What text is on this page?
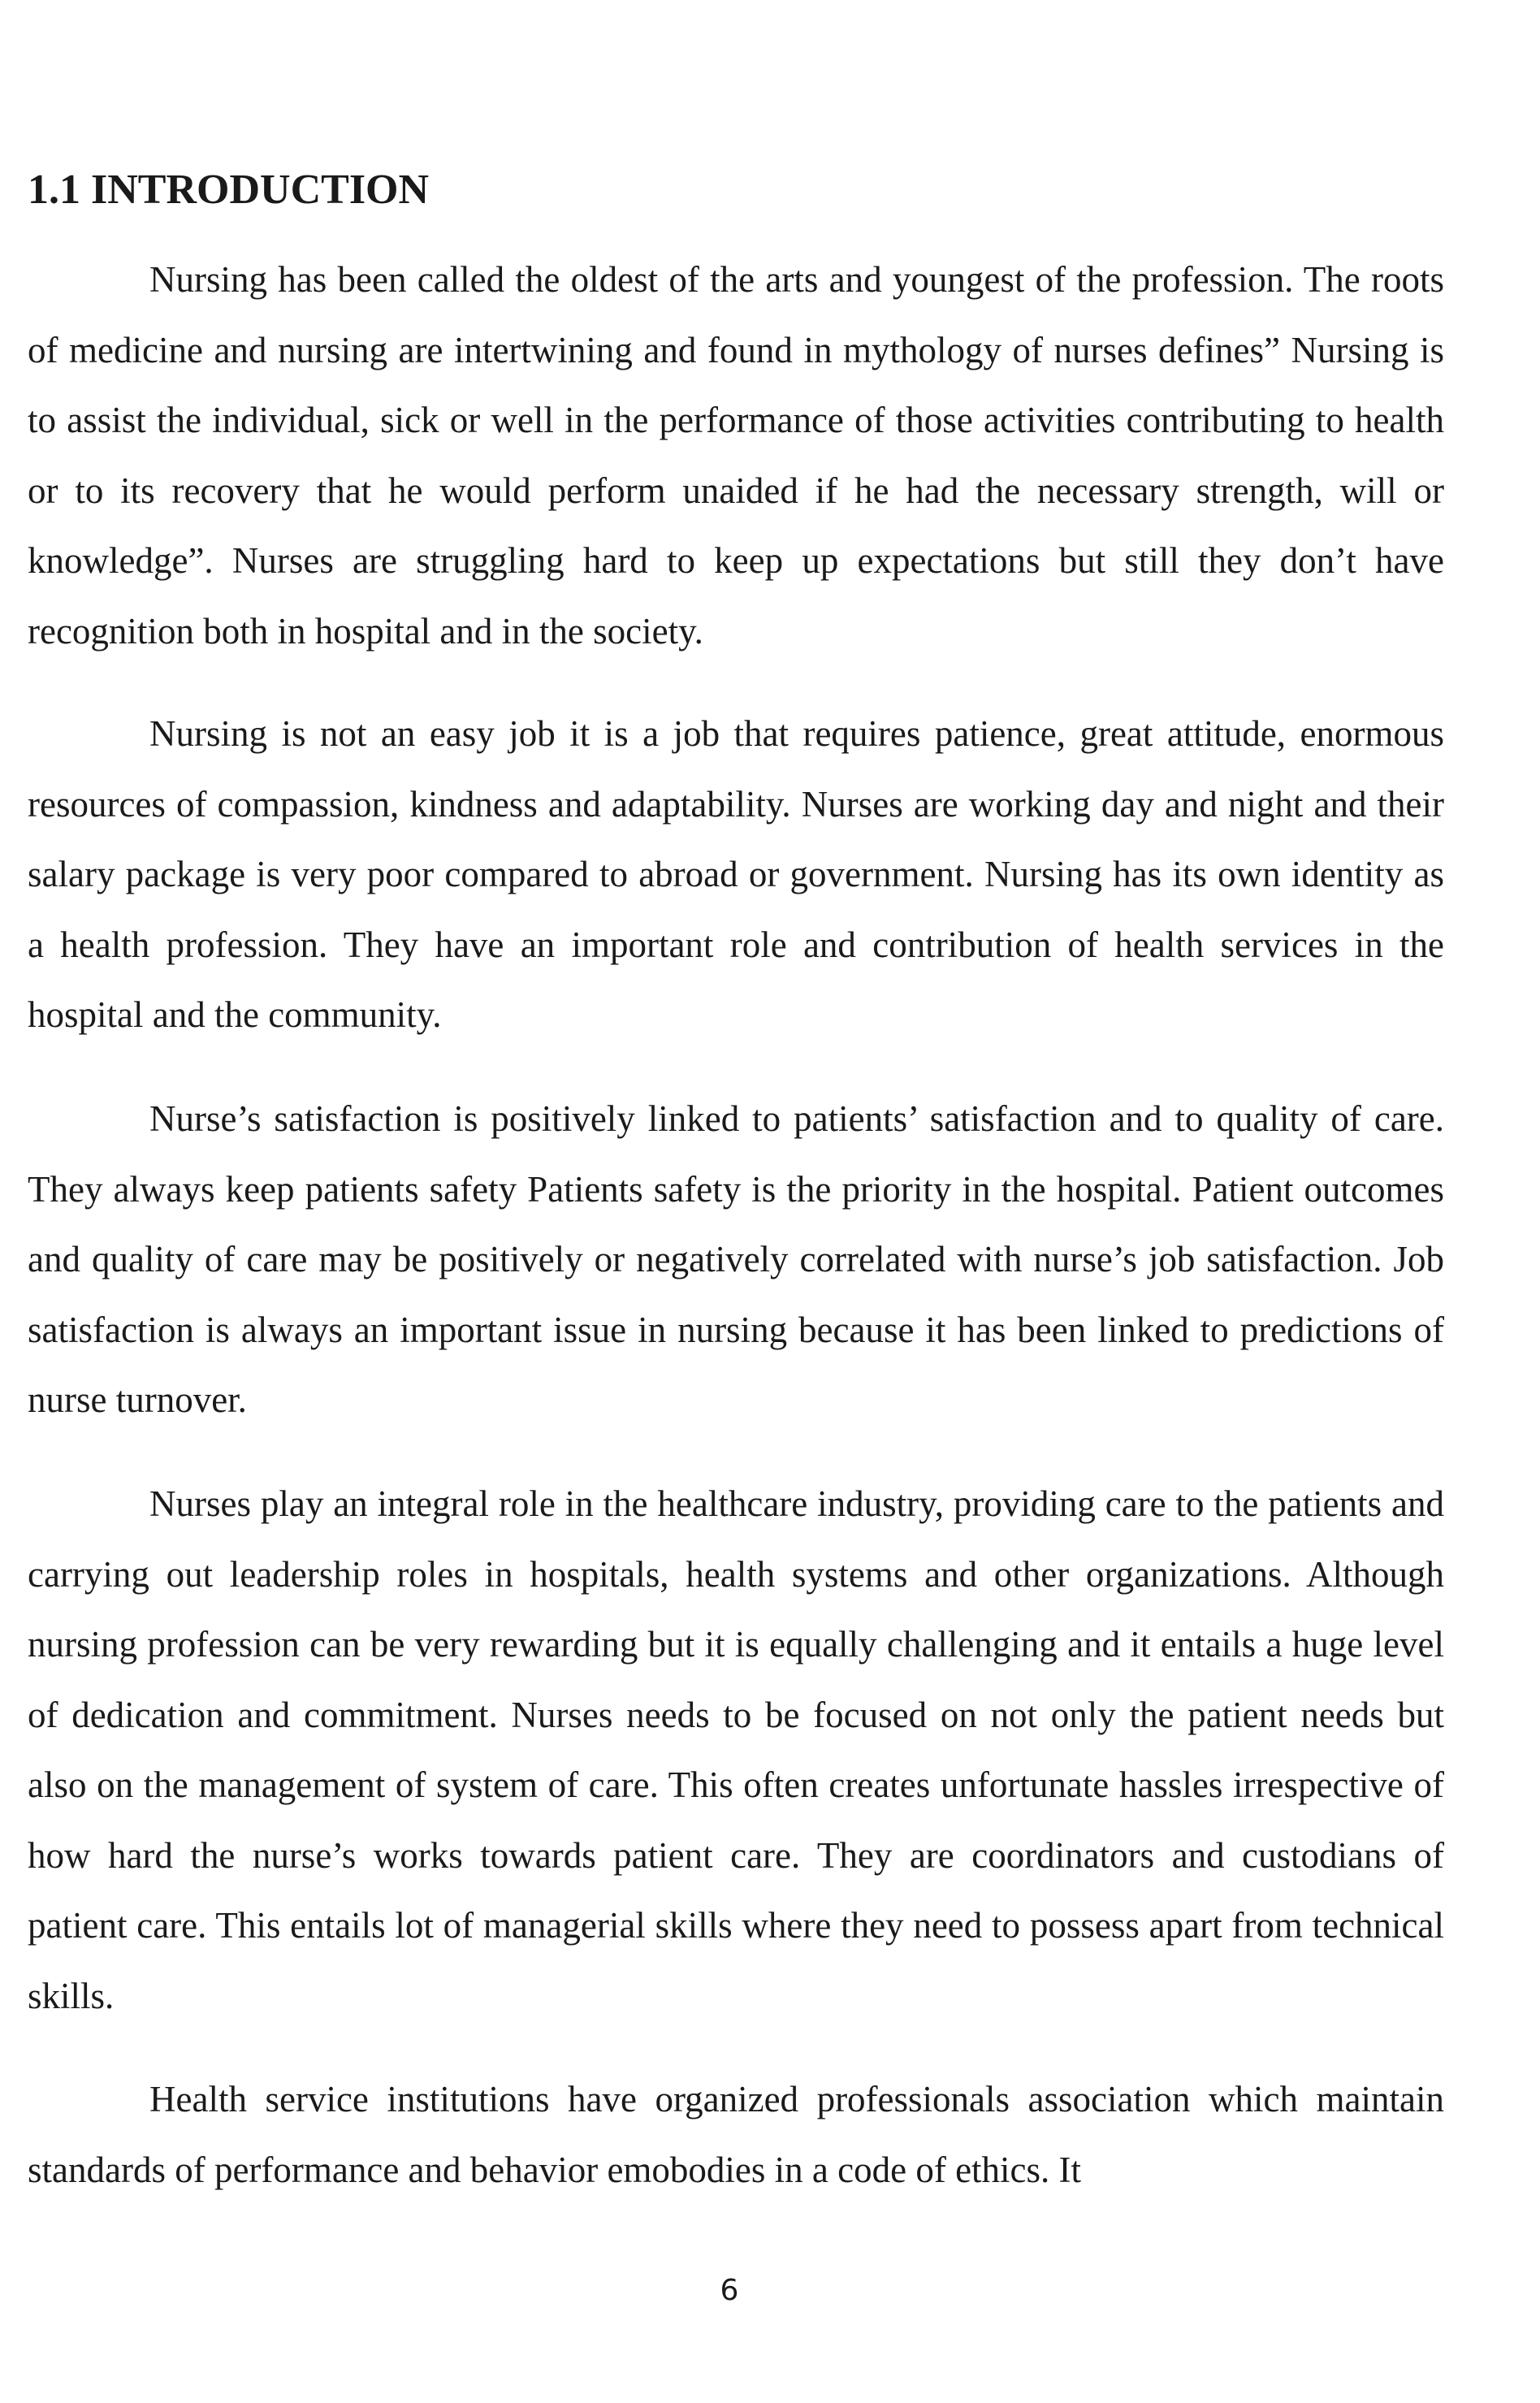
1.1 INTRODUCTION

Nursing has been called the oldest of the arts and youngest of the profession. The roots of medicine and nursing are intertwining and found in mythology of nurses defines” Nursing is to assist the individual, sick or well in the performance of those activities contributing to health or to its recovery that he would perform unaided if he had the necessary strength, will or knowledge”. Nurses are struggling hard to keep up expectations but still they don’t have recognition both in hospital and in the society.

Nursing is not an easy job it is a job that requires patience, great attitude, enormous resources of compassion, kindness and adaptability. Nurses are working day and night and their salary package is very poor compared to abroad or government. Nursing has its own identity as a health profession. They have an important role and contribution of health services in the hospital and the community.

Nurse’s satisfaction is positively linked to patients’ satisfaction and to quality of care. They always keep patients safety Patients safety is the priority in the hospital. Patient outcomes and quality of care may be positively or negatively correlated with nurse’s job satisfaction. Job satisfaction is always an important issue in nursing because it has been linked to predictions of nurse turnover.

Nurses play an integral role in the healthcare industry, providing care to the patients and carrying out leadership roles in hospitals, health systems and other organizations. Although nursing profession can be very rewarding but it is equally challenging and it entails a huge level of dedication and commitment. Nurses needs to be focused on not only the patient needs but also on the management of system of care. This often creates unfortunate hassles irrespective of how hard the nurse’s works towards patient care. They are coordinators and custodians of patient care. This entails lot of managerial skills where they need to possess apart from technical skills.

Health service institutions have organized professionals association which maintain standards of performance and behavior emobodies in a code of ethics. It

6
